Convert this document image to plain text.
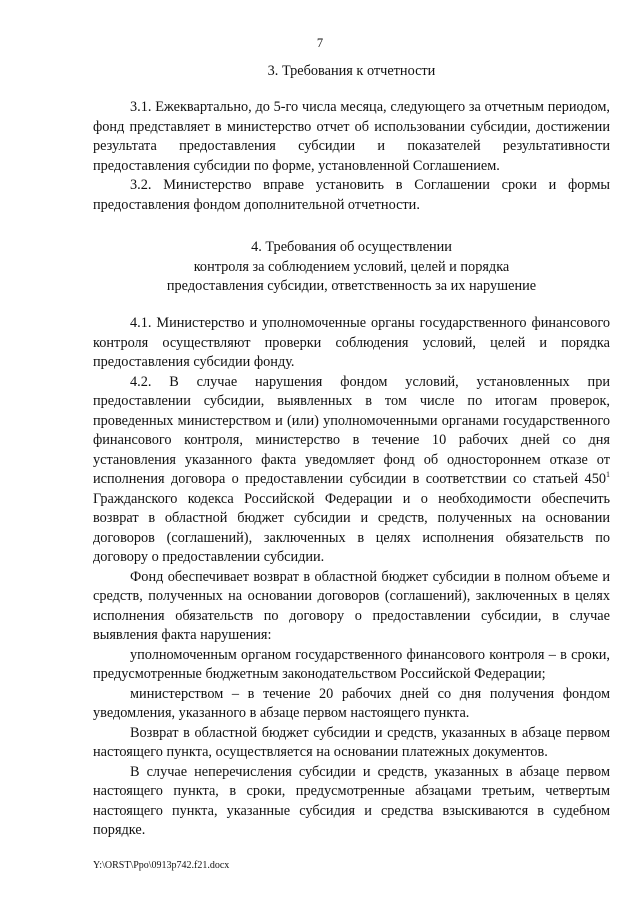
7
3. Требования к отчетности

3.1. Ежеквартально, до 5-го числа месяца, следующего за отчетным периодом, фонд представляет в министерство отчет об использовании субсидии, достижении результата предоставления субсидии и показателей результативности предоставления субсидии по форме, установленной Соглашением.

3.2. Министерство вправе установить в Соглашении сроки и формы предоставления фондом дополнительной отчетности.

4. Требования об осуществлении
контроля за соблюдением условий, целей и порядка
предоставления субсидии, ответственность за их нарушение

4.1. Министерство и уполномоченные органы государственного финансового контроля осуществляют проверки соблюдения условий, целей и порядка предоставления субсидии фонду.

4.2. В случае нарушения фондом условий, установленных при предоставлении субсидии, выявленных в том числе по итогам проверок, проведенных министерством и (или) уполномоченными органами государственного финансового контроля, министерство в течение 10 рабочих дней со дня установления указанного факта уведомляет фонд об одностороннем отказе от исполнения договора о предоставлении субсидии в соответствии со статьей $450^1$ Гражданского кодекса Российской Федерации и о необходимости обеспечить возврат в областной бюджет субсидии и средств, полученных на основании договоров (соглашений), заключенных в целях исполнения обязательств по договору о предоставлении субсидии.

Фонд обеспечивает возврат в областной бюджет субсидии в полном объеме и средств, полученных на основании договоров (соглашений), заключенных в целях исполнения обязательств по договору о предоставлении субсидии, в случае выявления факта нарушения:

уполномоченным органом государственного финансового контроля – в сроки, предусмотренные бюджетным законодательством Российской Федерации;

министерством – в течение 20 рабочих дней со дня получения фондом уведомления, указанного в абзаце первом настоящего пункта.

Возврат в областной бюджет субсидии и средств, указанных в абзаце первом настоящего пункта, осуществляется на основании платежных документов.

В случае неперечисления субсидии и средств, указанных в абзаце первом настоящего пункта, в сроки, предусмотренные абзацами третьим, четвертым настоящего пункта, указанные субсидия и средства взыскиваются в судебном порядке.

Y:\ORST\Ppo\0913p742.f21.docx
